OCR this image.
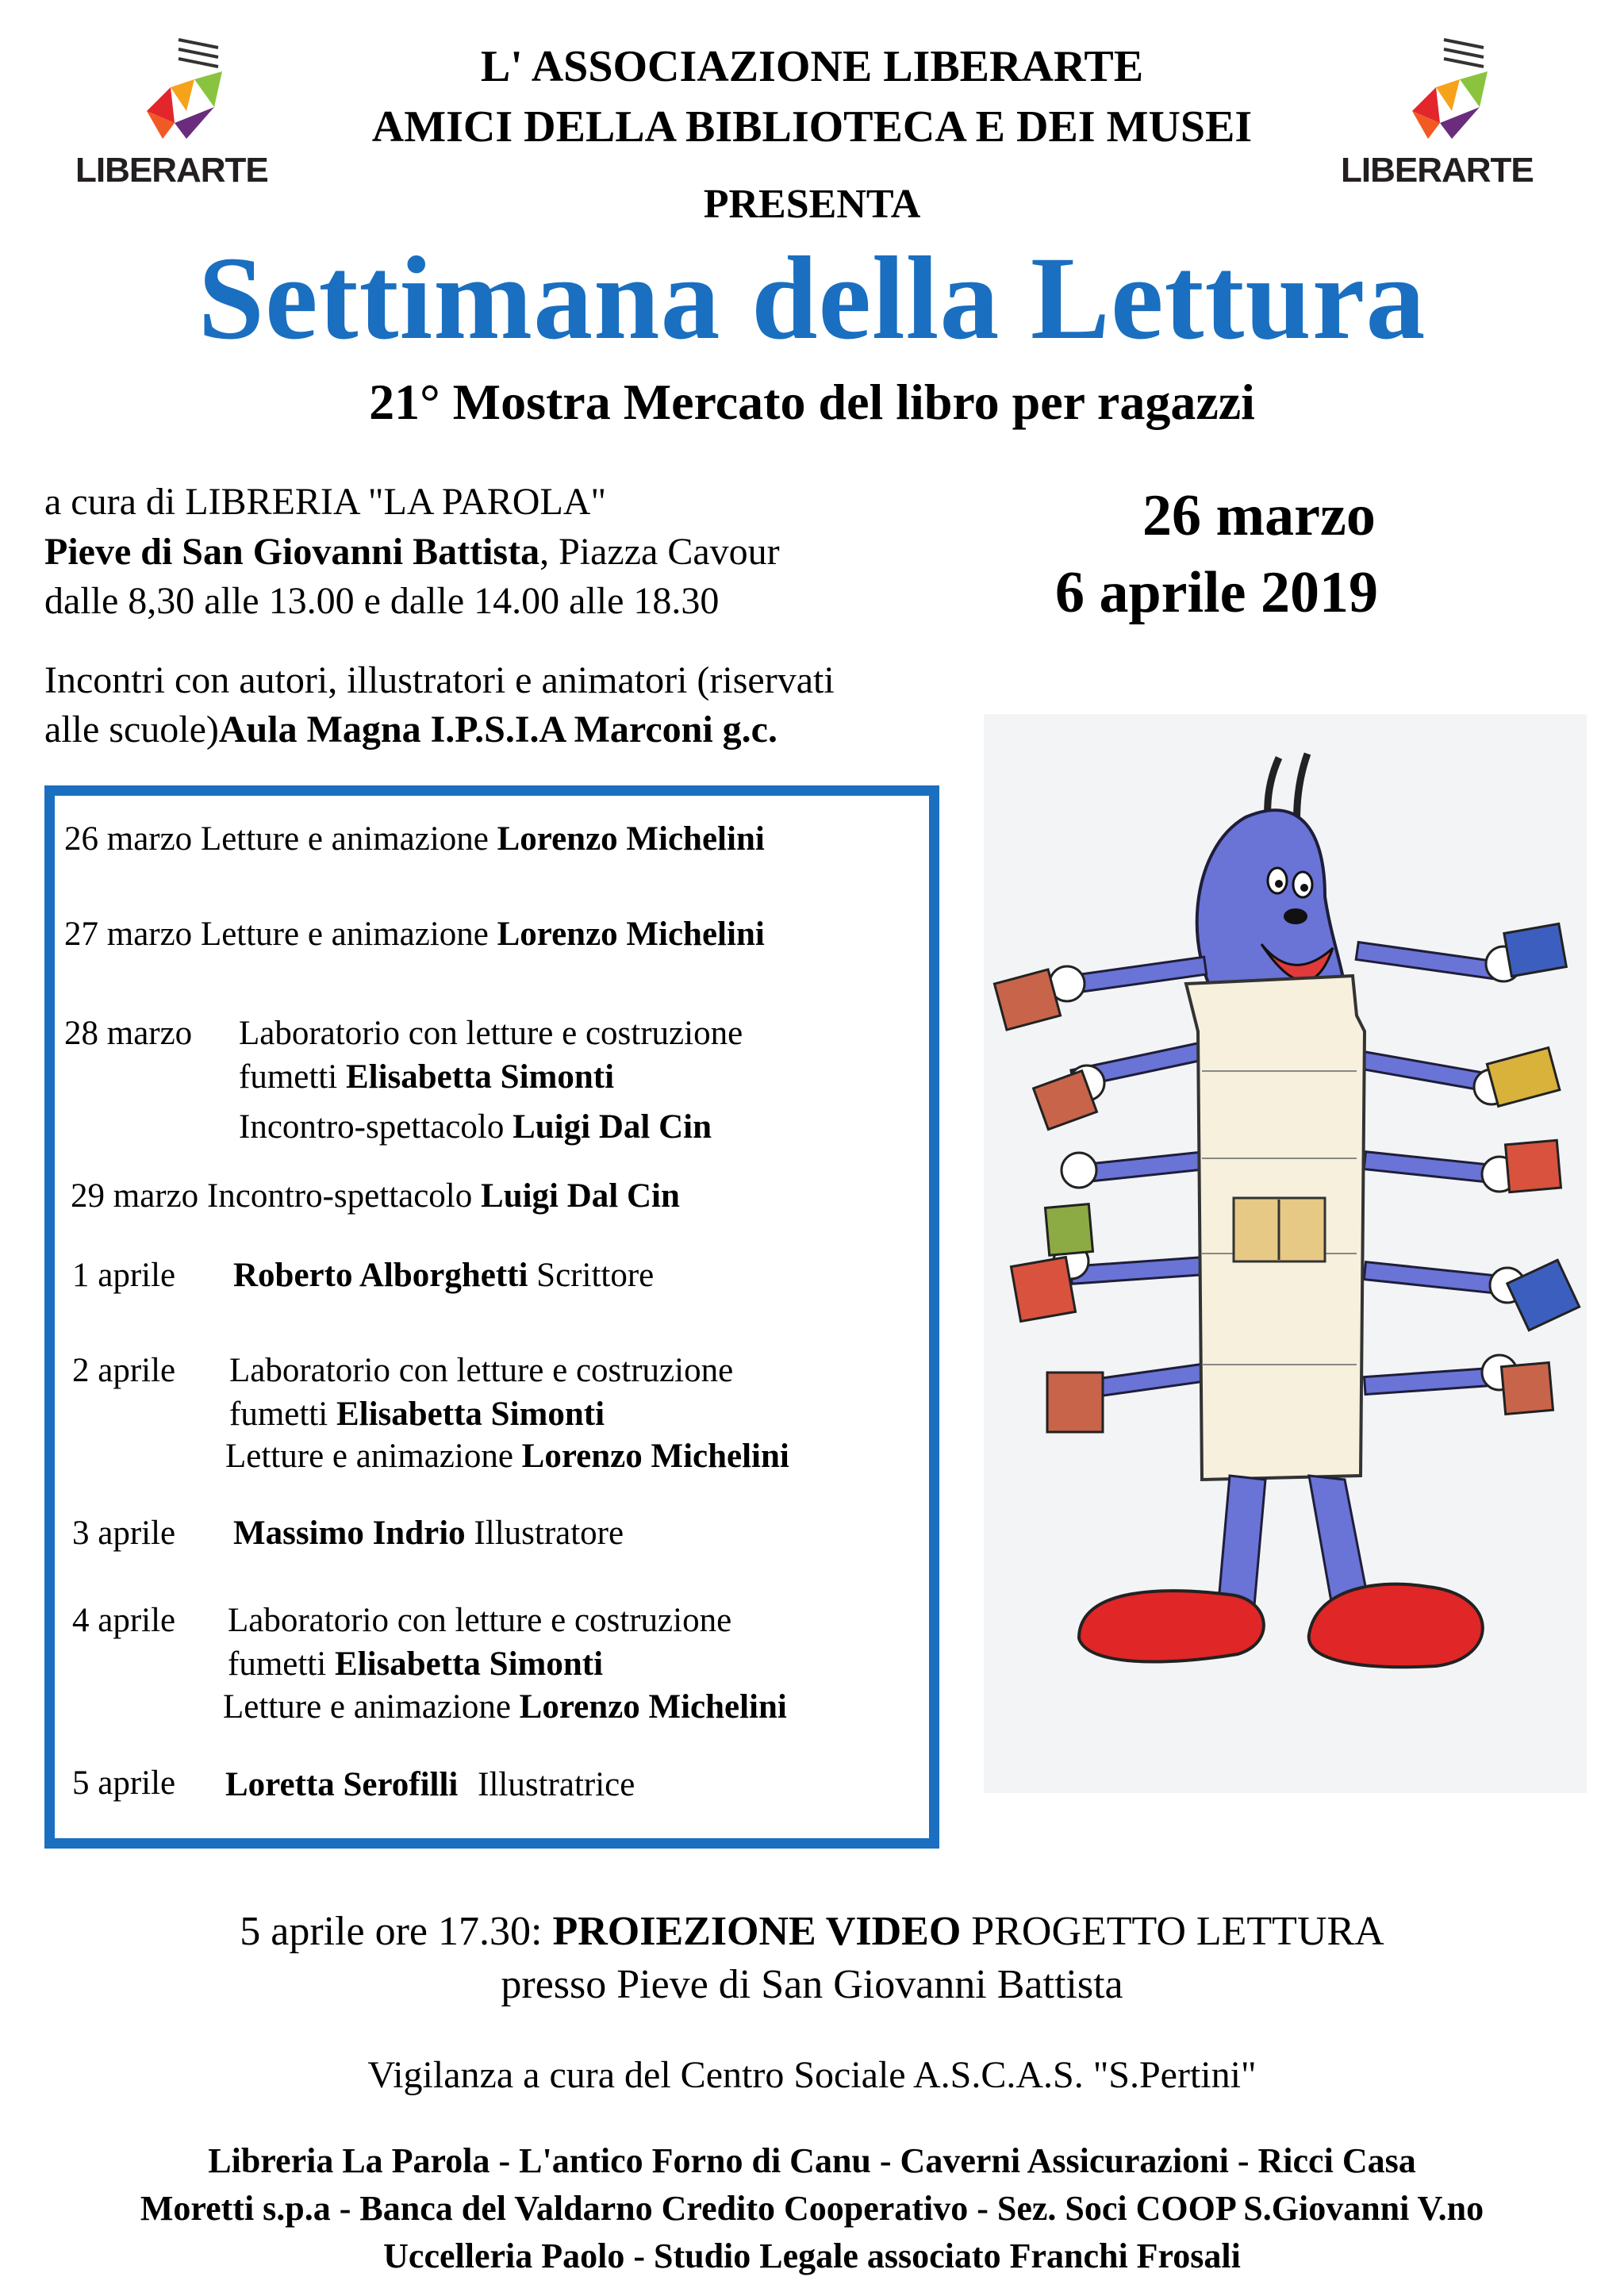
LIBERARTE	LIBERARTE
L' ASSOCIAZIONE LIBERARTE
AMICI DELLA BIBLIOTECA E DEI MUSEI
PRESENTA
Settimana della Lettura
21° Mostra Mercato del libro per ragazzi
a cura di LIBRERIA "LA PAROLA"
Pieve di San Giovanni Battista, Piazza Cavour
dalle 8,30 alle 13.00 e dalle 14.00 alle 18.30
Incontri con autori, illustratori e animatori (riservati
alle scuole)Aula Magna I.P.S.I.A Marconi g.c.
26 marzo
6 aprile 2019
26 marzo Letture e animazione Lorenzo Michelini
27 marzo Letture e animazione Lorenzo Michelini
28 marzo Laboratorio con letture e costruzione
fumetti Elisabetta Simonti
Incontro-spettacolo Luigi Dal Cin
29 marzo Incontro-spettacolo Luigi Dal Cin
1 aprile Roberto Alborghetti Scrittore
2 aprile Laboratorio con letture e costruzione
fumetti Elisabetta Simonti
Letture e animazione Lorenzo Michelini
3 aprile Massimo Indrio Illustratore
4 aprile Laboratorio con letture e costruzione
fumetti Elisabetta Simonti
Letture e animazione Lorenzo Michelini
5 aprile Loretta Serofilli Illustratrice
5 aprile ore 17.30: PROIEZIONE VIDEO PROGETTO LETTURA
presso Pieve di San Giovanni Battista
Vigilanza a cura del Centro Sociale A.S.C.A.S. "S.Pertini"
Libreria La Parola - L'antico Forno di Canu - Caverni Assicurazioni - Ricci Casa
Moretti s.p.a - Banca del Valdarno Credito Cooperativo - Sez. Soci COOP S.Giovanni V.no
Uccelleria Paolo - Studio Legale associato Franchi Frosali
